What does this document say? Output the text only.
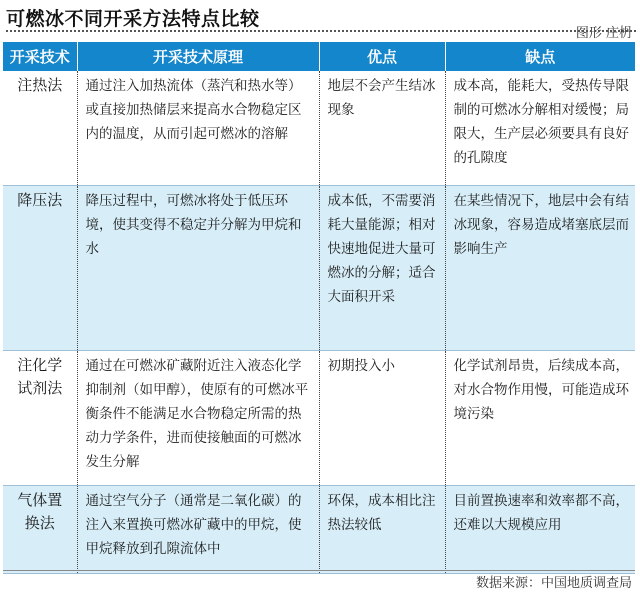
可燃冰不同开采方法特点比较
图形 庄枬
开采技术	开采技术原理	优点	缺点
注热法	通过注入加热流体（蒸汽和热水等）或直接加热储层来提高水合物稳定区内的温度，从而引起可燃冰的溶解	地层不会产生结冰现象	成本高，能耗大，受热传导限制的可燃冰分解相对缓慢；局限大，生产层必须要具有良好的孔隙度
降压法	降压过程中，可燃冰将处于低压环境，使其变得不稳定并分解为甲烷和水	成本低，不需要消耗大量能源；相对快速地促进大量可燃冰的分解；适合大面积开采	在某些情况下，地层中会有结冰现象，容易造成堵塞底层而影响生产
注化学试剂法	通过在可燃冰矿藏附近注入液态化学抑制剂（如甲醇），使原有的可燃冰平衡条件不能满足水合物稳定所需的热动力学条件，进而使接触面的可燃冰发生分解	初期投入小	化学试剂昂贵，后续成本高，对水合物作用慢，可能造成环境污染
气体置换法	通过空气分子（通常是二氧化碳）的注入来置换可燃冰矿藏中的甲烷，使甲烷释放到孔隙流体中	环保，成本相比注热法较低	目前置换速率和效率都不高，还难以大规模应用
数据来源：中国地质调查局
